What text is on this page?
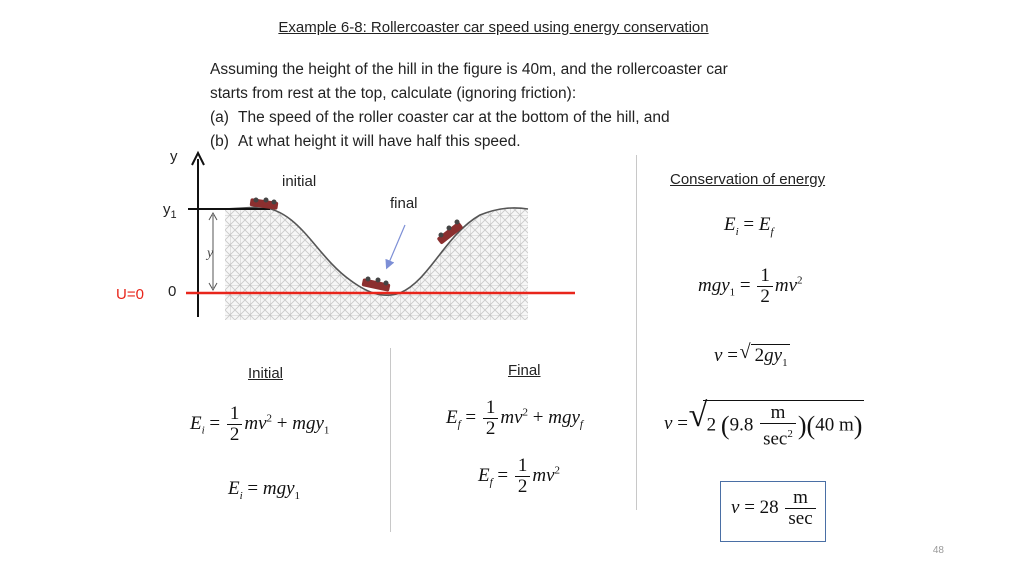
Example 6-8: Rollercoaster car speed using energy conservation
Assuming the height of the hill in the figure is 40m, and the rollercoaster car
starts from rest at the top, calculate (ignoring friction):
(a) The speed of the roller coaster car at the bottom of the hill, and
(b) At what height it will have half this speed.
y
$y_1$
y
0
U=0
initial
final
Conservation of energy
Initial	Final
$E_i = E_f$
$mgy_1 = \frac{1}{2} mv^2$
v = √ $2gy_1$
v = √ 2 $(9.8 \frac{m}{\sec^2} )(40$ m)
$v = 28 \frac{m}{\sec}$
$E_i = \frac{1}{2} mv^2 + mgy_1$
$E_i = mgy_1$
$E_f = \frac{1}{2} mv^2 + mgy_f$
$E_f = \frac{1}{2} mv^2$
48
